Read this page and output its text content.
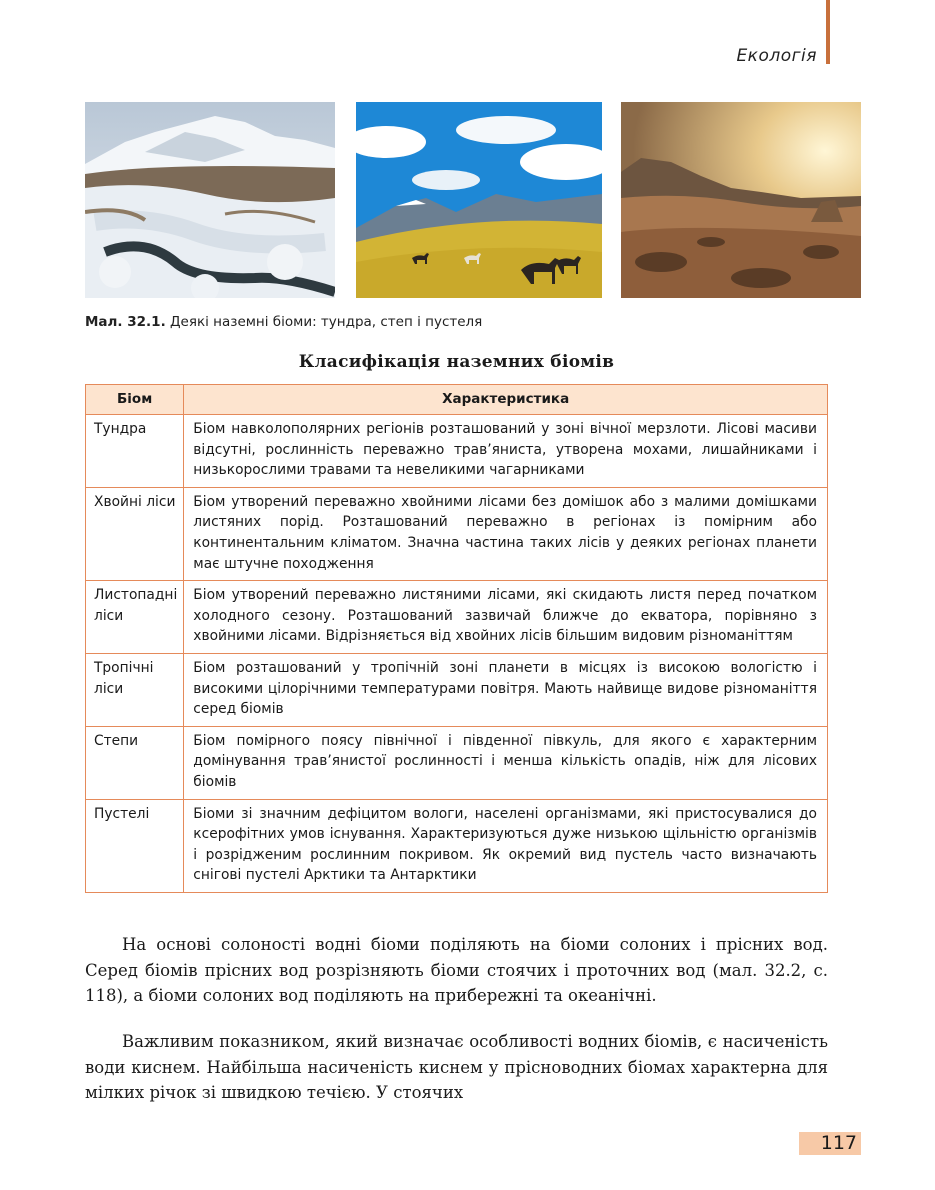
Екологія
Мал. 32.1. Деякі наземні біоми: тундра, степ і пустеля
Класифікація наземних біомів
Біом	Характеристика
Тундра	Біом навколополярних регіонів розташований у зоні вічної мерзлоти. Лісові масиви відсутні, рослинність переважно трав’яниста, утворена мохами, лишайниками і низькорослими травами та невеликими чагарниками
Хвойні ліси	Біом утворений переважно хвойними лісами без домішок або з малими домішками листяних порід. Розташований переважно в регіонах із помірним або континентальним кліматом. Значна частина таких лісів у деяких регіонах планети має штучне походження
Листопадні ліси	Біом утворений переважно листяними лісами, які скидають листя перед початком холодного сезону. Розташований зазвичай ближче до екватора, порівняно з хвойними лісами. Відрізняється від хвойних лісів більшим видовим різноманіттям
Тропічні ліси	Біом розташований у тропічній зоні планети в місцях із високою вологістю і високими цілорічними температурами повітря. Мають найвище видове різноманіття серед біомів
Степи	Біом помірного поясу північної і південної півкуль, для якого є характерним домінування трав’янистої рослинності і менша кількість опадів, ніж для лісових біомів
Пустелі	Біоми зі значним дефіцитом вологи, населені організмами, які пристосувалися до ксерофітних умов існування. Характеризуються дуже низькою щільністю організмів і розрідженим рослинним покривом. Як окремий вид пустель часто визначають снігові пустелі Арктики та Антарктики

На основі солоності водні біоми поділяють на біоми солоних і прісних вод. Серед біомів прісних вод розрізняють біоми стоячих і проточних вод (мал. 32.2, с. 118), а біоми солоних вод поділяють на прибережні та океанічні.

Важливим показником, який визначає особливості водних біомів, є насиченість води киснем. Найбільша насиченість киснем у прісноводних біомах характерна для мілких річок зі швидкою течією. У стоячих

117
